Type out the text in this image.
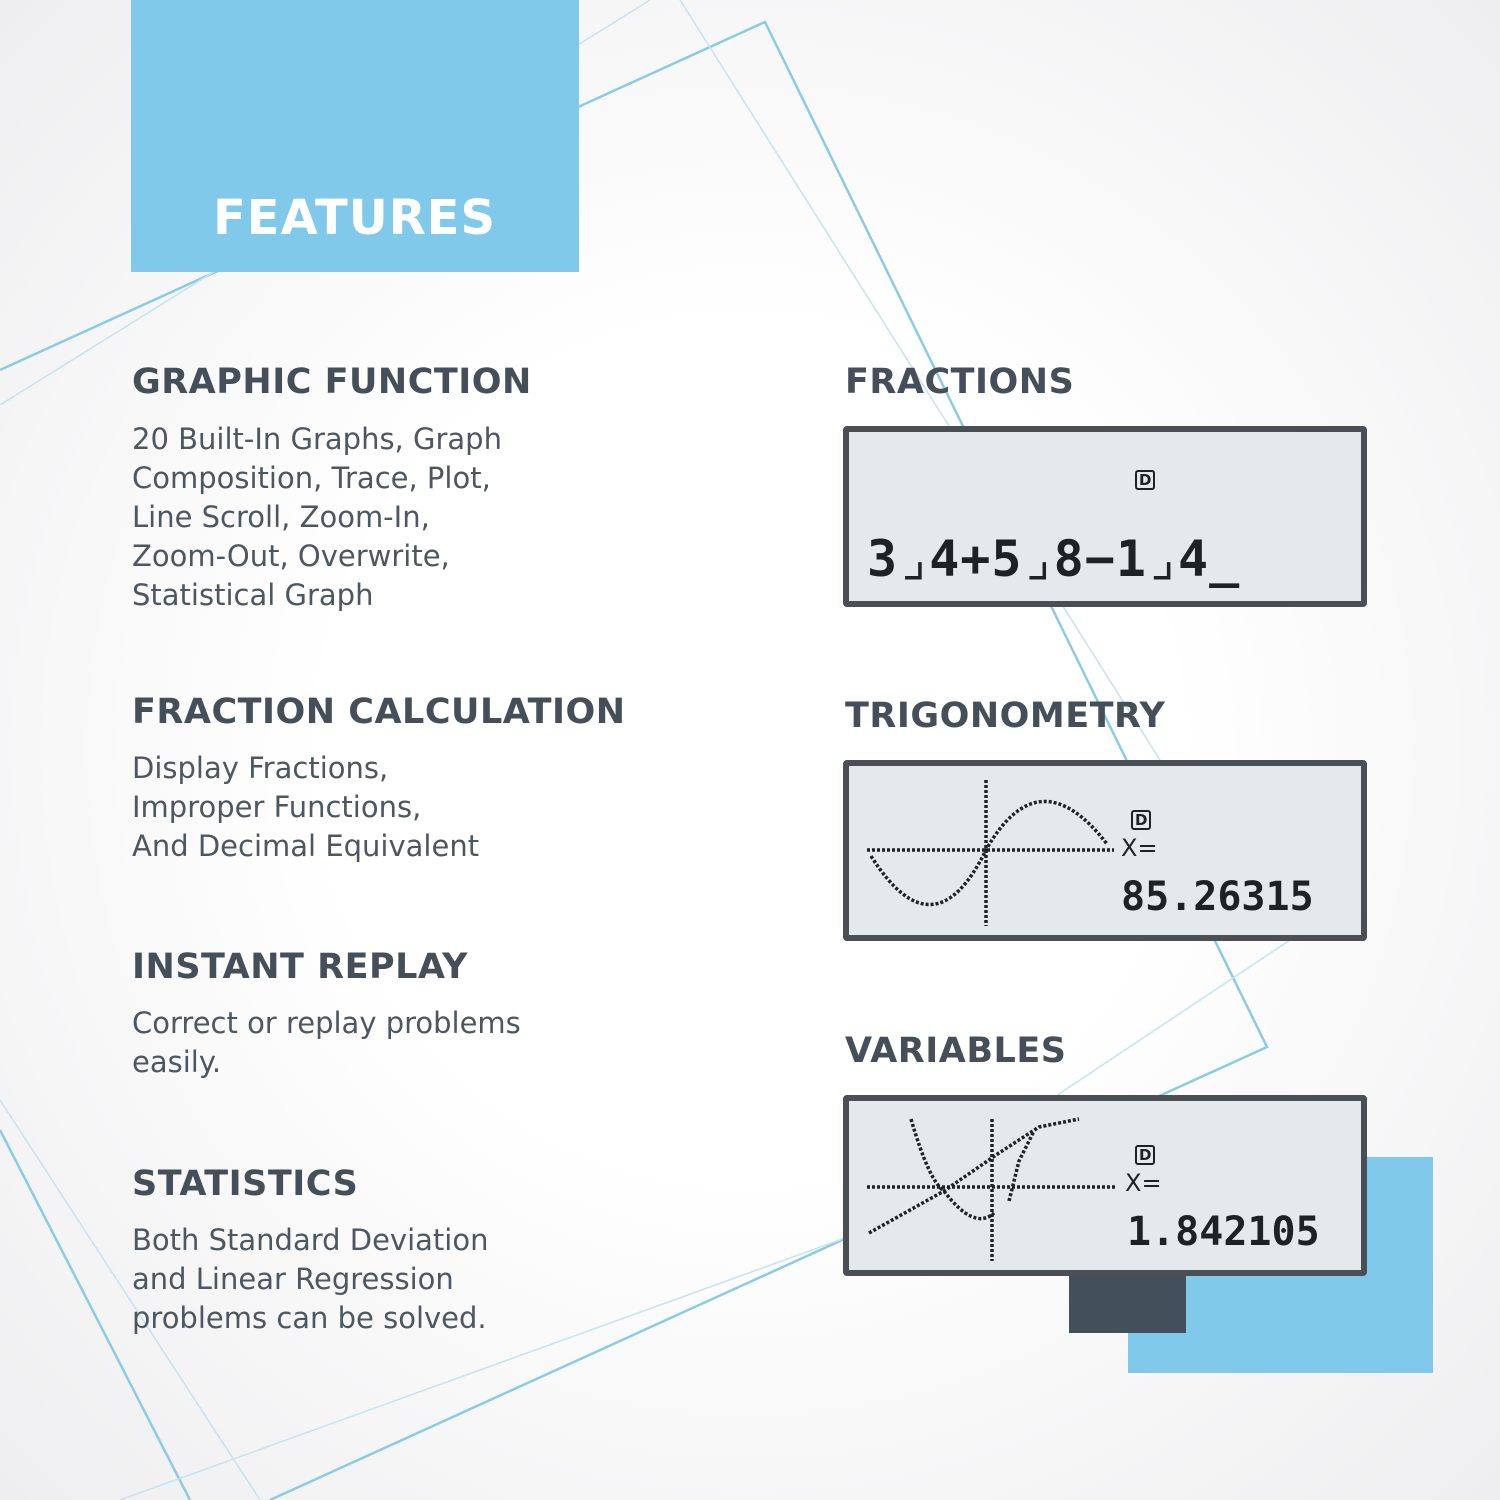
FEATURES
GRAPHIC FUNCTION
20 Built-In Graphs, Graph
Composition, Trace, Plot,
Line Scroll, Zoom-In,
Zoom-Out, Overwrite,
Statistical Graph
FRACTION CALCULATION
Display Fractions,
Improper Functions,
And Decimal Equivalent
INSTANT REPLAY
Correct or replay problems
easily.
STATISTICS
Both Standard Deviation
and Linear Regression
problems can be solved.
FRACTIONS
D
3⌟4+5⌟8−1⌟4_
TRIGONOMETRY
D
X=
85.26315
VARIABLES
D
X=
1.842105
